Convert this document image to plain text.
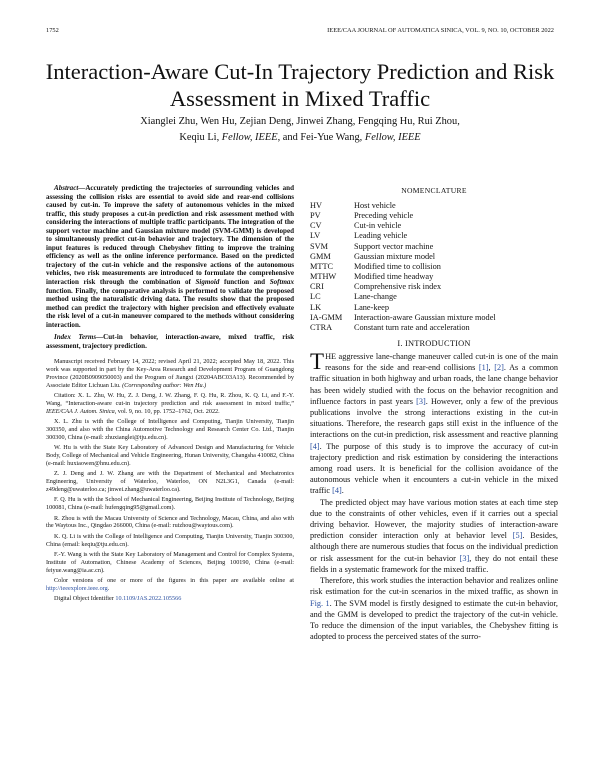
1752	IEEE/CAA JOURNAL OF AUTOMATICA SINICA, VOL. 9, NO. 10, OCTOBER 2022
Interaction-Aware Cut-In Trajectory Prediction and Risk Assessment in Mixed Traffic
Xianglei Zhu, Wen Hu, Zejian Deng, Jinwei Zhang, Fengqing Hu, Rui Zhou,
Keqiu Li, Fellow, IEEE, and Fei-Yue Wang, Fellow, IEEE

Abstract—Accurately predicting the trajectories of surrounding vehicles and assessing the collision risks are essential to avoid side and rear-end collisions caused by cut-in. To improve the safety of autonomous vehicles in the mixed traffic, this study proposes a cut-in prediction and risk assessment method with considering the interactions of multiple traffic participants. The integration of the support vector machine and Gaussian mixture model (SVM-GMM) is developed to simultaneously predict cut-in behavior and trajectory. The dimension of the input features is reduced through Chebyshev fitting to improve the training efficiency as well as the online inference performance. Based on the predicted trajectory of the cut-in vehicle and the responsive actions of the autonomous vehicles, two risk measurements are introduced to formulate the comprehensive interaction risk through the combination of Sigmoid function and Softmax function. Finally, the comparative analysis is performed to validate the proposed method using the naturalistic driving data. The results show that the proposed method can predict the trajectory with higher precision and effectively evaluate the risk level of a cut-in maneuver compared to the methods without considering interaction.

Index Terms—Cut-in behavior, interaction-aware, mixed traffic, risk assessment, trajectory prediction.

Manuscript received February 14, 2022; revised April 21, 2022; accepted May 18, 2022. This work was supported in part by the Key-Area Research and Development Program of Guangdong Province (2020B0909050003) and the Program of Jiangxi (20204ABC03A13). Recommended by Associate Editor Lichuan Liu. (Corresponding author: Wen Hu.)

Citation: X. L. Zhu, W. Hu, Z. J. Deng, J. W. Zhang, F. Q. Hu, R. Zhou, K. Q. Li, and F.-Y. Wang, “Interaction-aware cut-in trajectory prediction and risk assessment in mixed traffic,” IEEE/CAA J. Autom. Sinica, vol. 9, no. 10, pp. 1752–1762, Oct. 2022.

X. L. Zhu is with the College of Intelligence and Computing, Tianjin University, Tianjin 300350, and also with the China Automotive Technology and Research Center Co. Ltd., Tianjin 300300, China (e-mail: zhuxianglei@tju.edu.cn).

W. Hu is with the State Key Laboratory of Advanced Design and Manufacturing for Vehicle Body, College of Mechanical and Vehicle Engineering, Hunan University, Changsha 410082, China (e-mail: huxiaowen@hnu.edu.cn).

Z. J. Deng and J. W. Zhang are with the Department of Mechanical and Mechatronics Engineering, University of Waterloo, Waterloo, ON N2L3G1, Canada (e-mail: z49deng@uwaterloo.ca; jinwei.zhang@uwaterloo.ca).

F. Q. Hu is with the School of Mechanical Engineering, Beijing Institute of Technology, Beijing 100081, China (e-mail: hufengqing95@gmail.com).

R. Zhou is with the Macau University of Science and Technology, Macau, China, and also with the Waytous Inc., Qingdao 266000, China (e-mail: ruizhou@waytous.com).

K. Q. Li is with the College of Intelligence and Computing, Tianjin University, Tianjin 300300, China (email: keqiu@tju.edu.cn).

F.-Y. Wang is with the State Key Laboratory of Management and Control for Complex Systems, Institute of Automation, Chinese Academy of Sciences, Beijing 100190, China (e-mail: feiyue.wang@ia.ac.cn).

Color versions of one or more of the figures in this paper are available online at http://ieeexplore.ieee.org.

Digital Object Identifier 10.1109/JAS.2022.105566

NOMENCLATURE
HV	Host vehicle
PV	Preceding vehicle
CV	Cut-in vehicle
LV	Leading vehicle
SVM	Support vector machine
GMM	Gaussian mixture model
MTTC	Modified time to collision
MTHW	Modified time headway
CRI	Comprehensive risk index
LC	Lane-change
LK	Lane-keep
IA-GMM	Interaction-aware Gaussian mixture model
CTRA	Constant turn rate and acceleration
I. INTRODUCTION

THE aggressive lane-change maneuver called cut-in is one of the main reasons for the side and rear-end collisions [1], [2]. As a common traffic situation in both highway and urban roads, the lane change behavior has been widely studied with the focus on the behavior recognition and influence factors in past years [3]. However, only a few of the previous publications involve the strong interactions existing in the cut-in situations. Therefore, the research gaps still exist in the influence of the interactions on the cut-in prediction, risk assessment and reactive planning [4]. The purpose of this study is to improve the accuracy of cut-in trajectory prediction and risk estimation by considering the interactions among road users. It is beneficial for the collision avoidance of the autonomous vehicle when it encounters a cut-in vehicle in the mixed traffic [4].

The predicted object may have various motion states at each time step due to the constraints of other vehicles, even if it carries out a special driving behavior. However, the majority studies of interaction-aware prediction consider interaction only at behavior level [5]. Besides, although there are numerous studies that focus on the individual prediction or risk assessment for the cut-in behavior [3], they do not entail these fields in a systematic framework for the mixed traffic.

Therefore, this work studies the interaction behavior and realizes online risk estimation for the cut-in scenarios in the mixed traffic, as shown in Fig. 1. The SVM model is firstly designed to estimate the cut-in behavior, and the GMM is developed to predict the trajectory of the cut-in vehicle. To reduce the dimension of the input variables, the Chebyshev fitting is adopted to process the perceived states of the surro-
